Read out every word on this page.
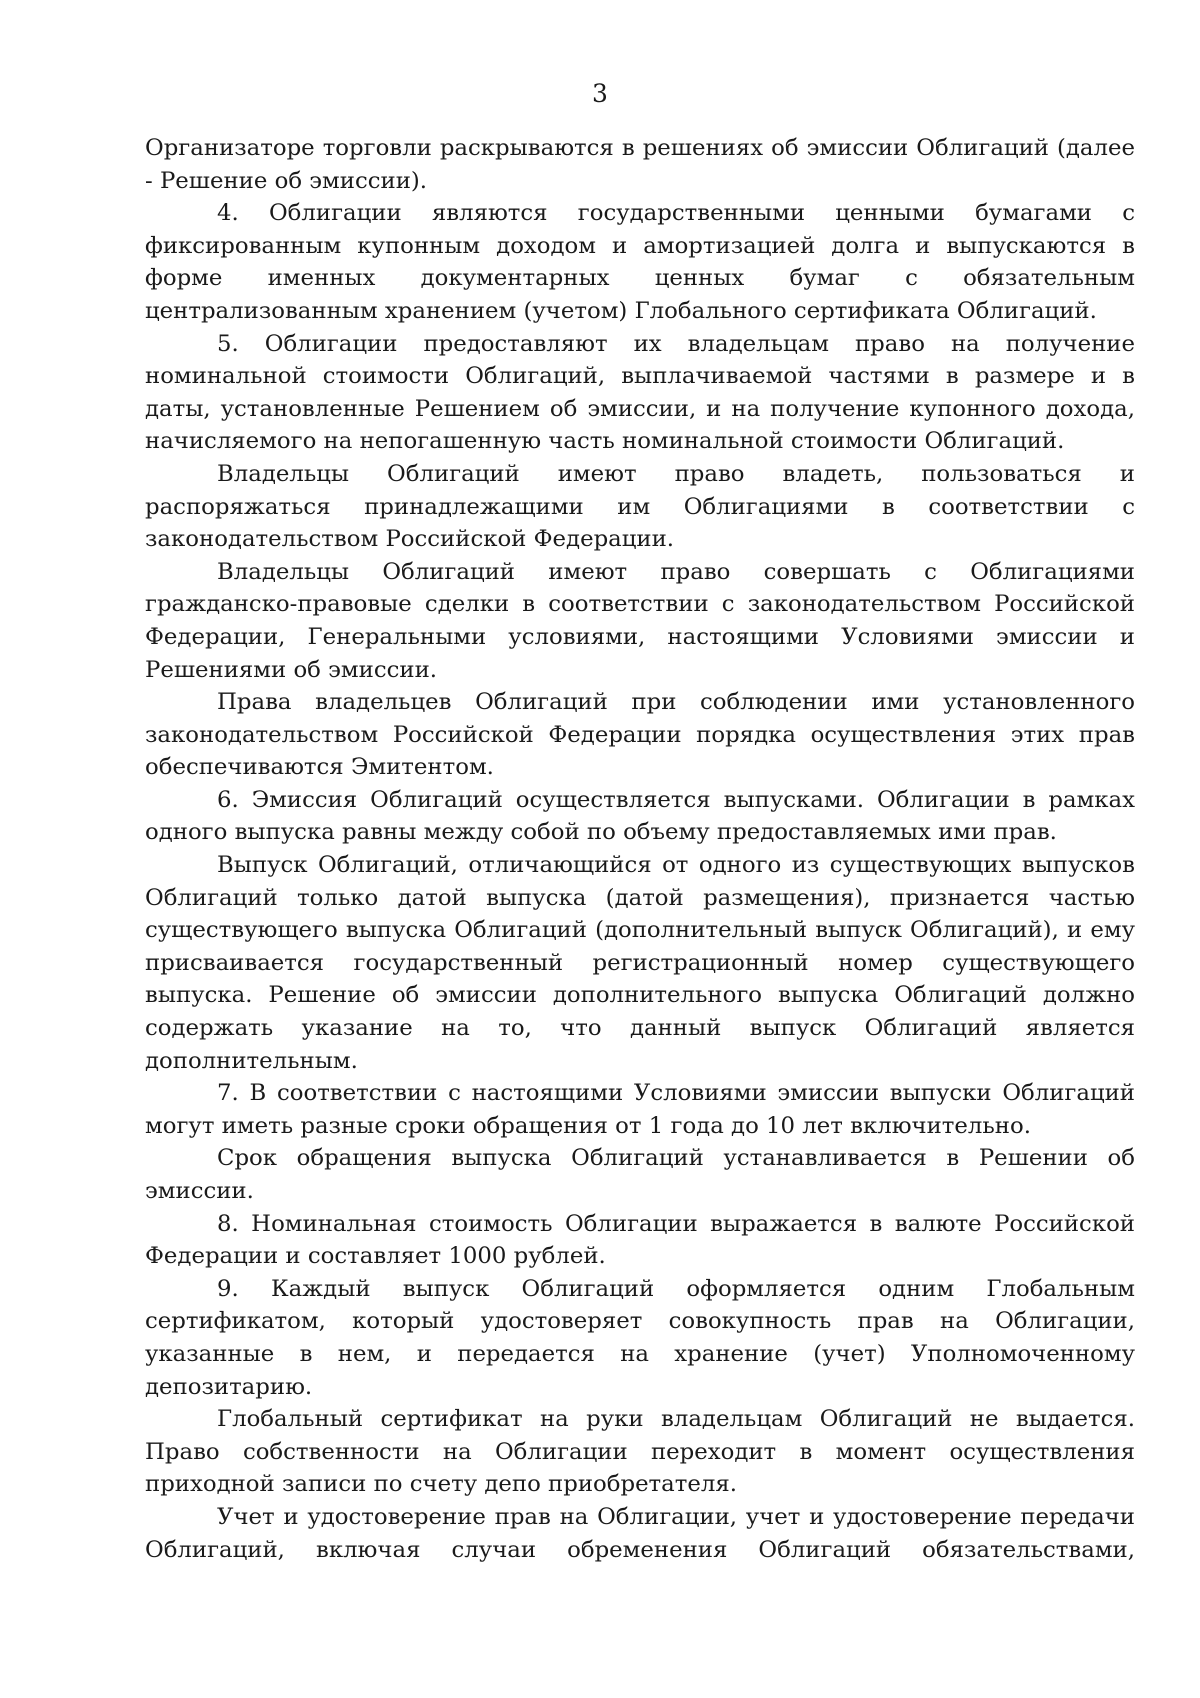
3

Организаторе торговли раскрываются в решениях об эмиссии Облигаций (далее - Решение об эмиссии).

4. Облигации являются государственными ценными бумагами с фиксированным купонным доходом и амортизацией долга и выпускаются в форме именных документарных ценных бумаг с обязательным централизованным хранением (учетом) Глобального сертификата Облигаций.

5. Облигации предоставляют их владельцам право на получение номинальной стоимости Облигаций, выплачиваемой частями в размере и в даты, установленные Решением об эмиссии, и на получение купонного дохода, начисляемого на непогашенную часть номинальной стоимости Облигаций.

Владельцы Облигаций имеют право владеть, пользоваться и распоряжаться принадлежащими им Облигациями в соответствии с законодательством Российской Федерации.

Владельцы Облигаций имеют право совершать с Облигациями гражданско-правовые сделки в соответствии с законодательством Российской Федерации, Генеральными условиями, настоящими Условиями эмиссии и Решениями об эмиссии.

Права владельцев Облигаций при соблюдении ими установленного законодательством Российской Федерации порядка осуществления этих прав обеспечиваются Эмитентом.

6. Эмиссия Облигаций осуществляется выпусками. Облигации в рамках одного выпуска равны между собой по объему предоставляемых ими прав.

Выпуск Облигаций, отличающийся от одного из существующих выпусков Облигаций только датой выпуска (датой размещения), признается частью существующего выпуска Облигаций (дополнительный выпуск Облигаций), и ему присваивается государственный регистрационный номер существующего выпуска. Решение об эмиссии дополнительного выпуска Облигаций должно содержать указание на то, что данный выпуск Облигаций является дополнительным.

7. В соответствии с настоящими Условиями эмиссии выпуски Облигаций могут иметь разные сроки обращения от 1 года до 10 лет включительно.

Срок обращения выпуска Облигаций устанавливается в Решении об эмиссии.

8. Номинальная стоимость Облигации выражается в валюте Российской Федерации и составляет 1000 рублей.

9. Каждый выпуск Облигаций оформляется одним Глобальным сертификатом, который удостоверяет совокупность прав на Облигации, указанные в нем, и передается на хранение (учет) Уполномоченному депозитарию.

Глобальный сертификат на руки владельцам Облигаций не выдается. Право собственности на Облигации переходит в момент осуществления приходной записи по счету депо приобретателя.

Учет и удостоверение прав на Облигации, учет и удостоверение передачи Облигаций, включая случаи обременения Облигаций обязательствами,
